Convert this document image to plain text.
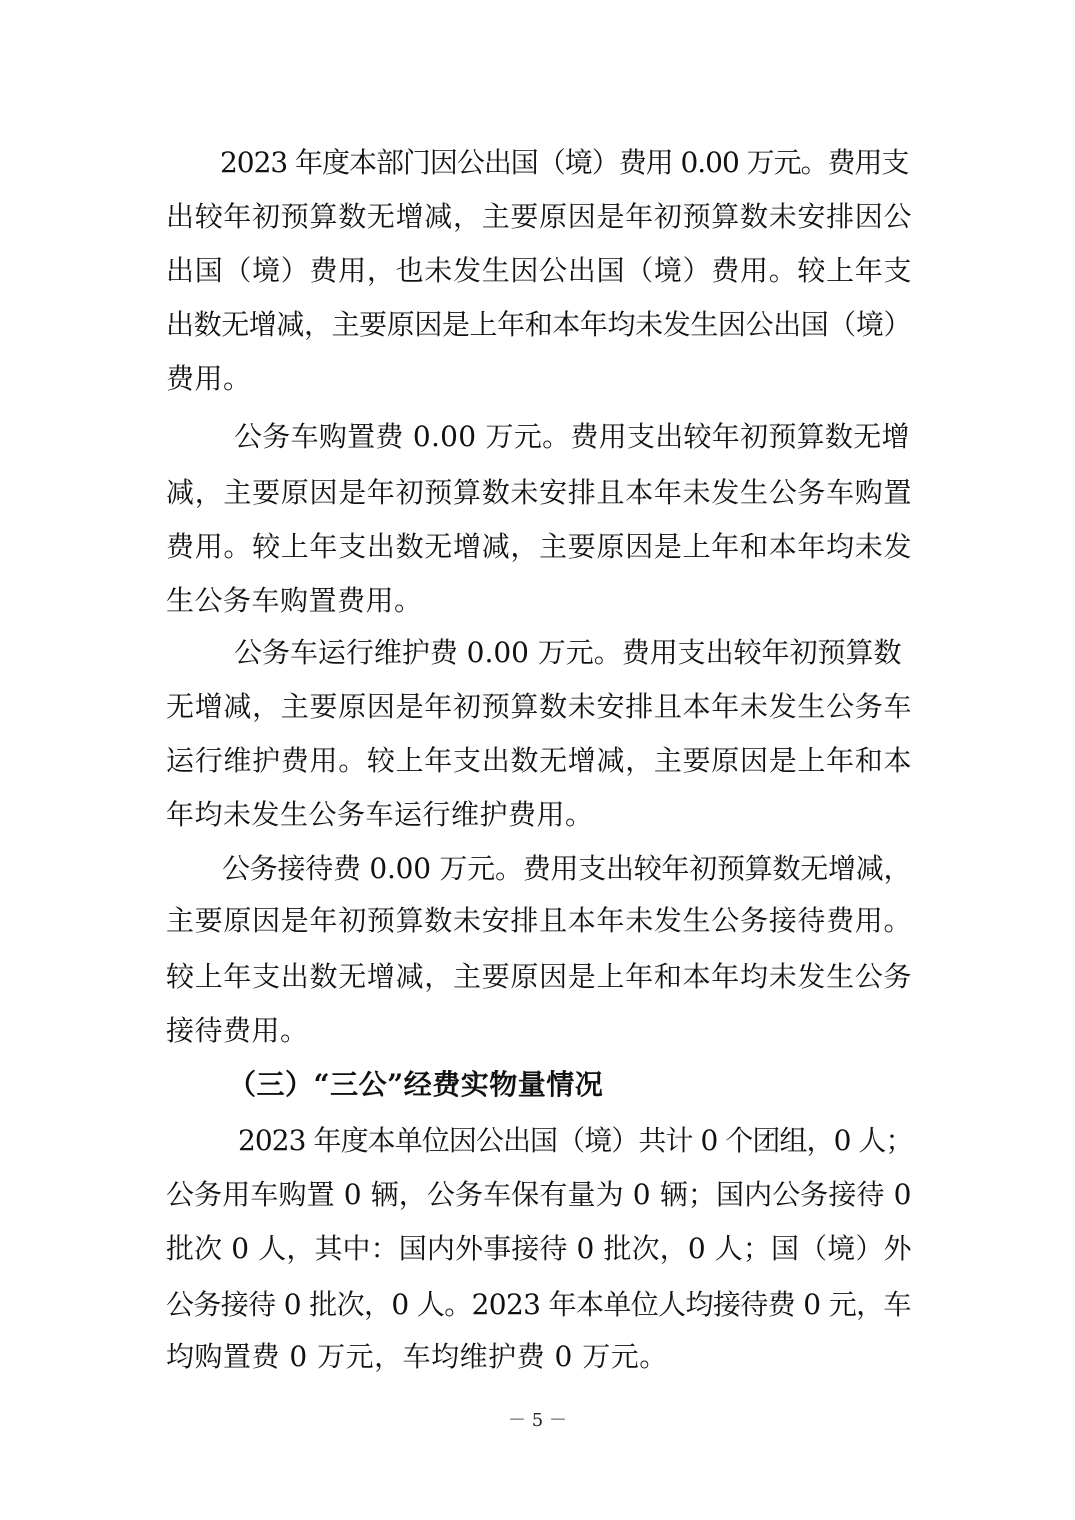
2023 年度本部门因公出国（境）费用 0.00 万元。费用支
出较年初预算数无增减，主要原因是年初预算数未安排因公
出国（境）费用，也未发生因公出国（境）费用。较上年支
出数无增减，主要原因是上年和本年均未发生因公出国（境）
费用。
公务车购置费 0.00 万元。费用支出较年初预算数无增
减，主要原因是年初预算数未安排且本年未发生公务车购置
费用。较上年支出数无增减，主要原因是上年和本年均未发
生公务车购置费用。
公务车运行维护费 0.00 万元。费用支出较年初预算数
无增减，主要原因是年初预算数未安排且本年未发生公务车
运行维护费用。较上年支出数无增减，主要原因是上年和本
年均未发生公务车运行维护费用。
公务接待费 0.00 万元。费用支出较年初预算数无增减，
主要原因是年初预算数未安排且本年未发生公务接待费用。
较上年支出数无增减，主要原因是上年和本年均未发生公务
接待费用。
（三）“三公”经费实物量情况
2023 年度本单位因公出国（境）共计 0 个团组，0 人；
公务用车购置 0 辆，公务车保有量为 0 辆；国内公务接待 0
批次 0 人，其中：国内外事接待 0 批次，0 人；国（境）外
公务接待 0 批次，0 人。2023 年本单位人均接待费 0 元，车
均购置费 0 万元，车均维护费 0 万元。
－ 5 －
